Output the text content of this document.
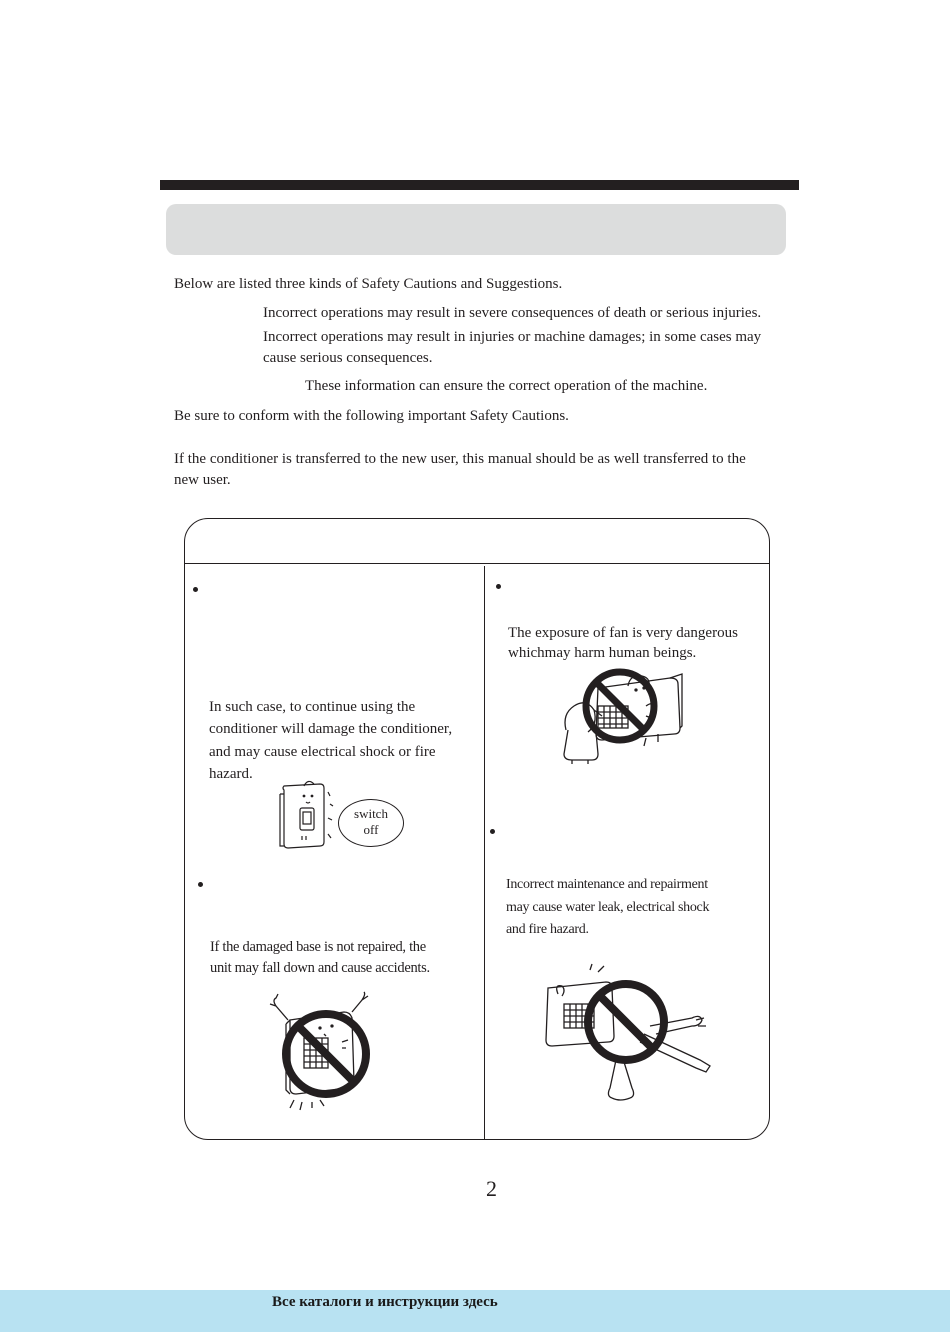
Below are listed three kinds of Safety Cautions and Suggestions.
Incorrect operations may result in severe consequences of death or serious injuries.
Incorrect operations may result in injuries or machine damages; in some cases may
cause serious consequences.
These information can ensure the correct operation of the machine.
Be sure to conform with the following important Safety Cautions.
If the conditioner is transferred to the new user, this manual should be as well transferred to the
new user.
In such case, to continue using the
conditioner will damage the conditioner,
and may cause electrical shock or fire
hazard.
switch
off
If the damaged base is not repaired, the
unit may fall down and cause accidents.
The exposure of fan is very dangerous
whichmay harm human beings.
Incorrect maintenance and repairment
may cause water leak, electrical shock
and fire hazard.
2
Все каталоги и инструкции здесь
